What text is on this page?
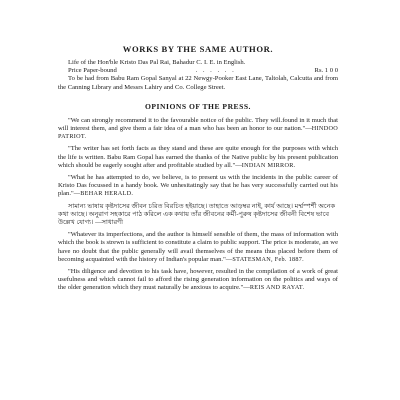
WORKS BY THE SAME AUTHOR.

Life of the Hon'ble Kristo Das Pal Rai, Bahadur C. I. E. in English.

Price Paper-bound	. . . . . .	Rs. 1 0 0

To be had from Babu Ram Gopal Sanyal at 22 Newgy-Pooker East Lane, Taltolah, Calcutta and from the Canning Library and Messrs Lahiry and Co. College Street.

OPINIONS OF THE PRESS.

"We can strongly recommend it to the favourable notice of the public. They will.found in it much that will interest them, and give them a fair idea of a man who has been an honor to our nation."—HINDOO PATRIOT.

"The writer has set forth facts as they stand and these are quite enough for the purposes with which the life is written. Babu Ram Gopal has earned the thanks of the Native public by his present publication which should be eagerly sought after and profitable studied by all."—INDIAN MIRROR.

"What he has attempted to do, we believe, is to present us with the incidents in the public career of Kristo Das focussed in a handy book. We unhesitatingly say that he has very successfully carried out his plan."—BEHAR HERALD.

সামান্য ভাষায় কৃষ্টদাসের জীবন চরিত বিরচিত হইয়াছে। তাহাতে আড়ম্বর নাই, কার্য আছে। মর্ম্মস্পর্শী অনেক কথা আছে। অনুরাগ সহকারে পাঠ করিলে এক কথায় তাঁর জীবনের কর্মী-পুরুষ কৃষ্টদাসের জীবনী বিশেষ ভাবে উল্লেখ যোগ্য। —সাধারণী

"Whatever its imperfections, and the author is himself sensible of them, the mass of information with which the book is strewn is sufficient to constitute a claim to public support. The price is moderate, an we have no doubt that the public generally will avail themselves of the means thus placed before them of becoming acquainted with the history of Indian's popular man."—STATESMAN, Feb. 1887.

"His diligence and devotion to his task have, however, resulted in the compilation of a work of great usefulness and which cannot fail to afford the rising generation information on the politics and ways of the older generation which they must naturally be anxious to acquire."—REIS AND RAYAT.
